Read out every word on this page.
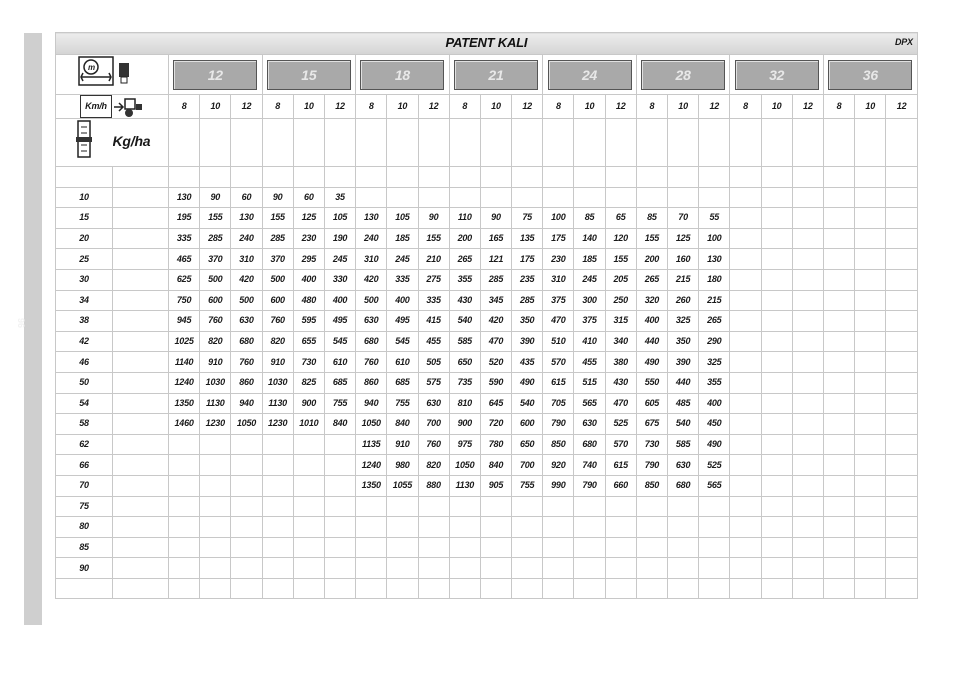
96
PATENT KALI DPX																									

m		12			15			18			21			24			28			32			36		

Km/h		8	10	12	8	10	12	8	10	12	8	10	12	8	10	12	8	10	12	8	10	12	8	10	12
	Kg/ha																								

10		130	90	60	90	60	35																		
15		195	155	130	155	125	105	130	105	90	110	90	75	100	85	65	85	70	55						
20		335	285	240	285	230	190	240	185	155	200	165	135	175	140	120	155	125	100						
25		465	370	310	370	295	245	310	245	210	265	121	175	230	185	155	200	160	130						
30		625	500	420	500	400	330	420	335	275	355	285	235	310	245	205	265	215	180						
34		750	600	500	600	480	400	500	400	335	430	345	285	375	300	250	320	260	215						
38		945	760	630	760	595	495	630	495	415	540	420	350	470	375	315	400	325	265						
42		1025	820	680	820	655	545	680	545	455	585	470	390	510	410	340	440	350	290						
46		1140	910	760	910	730	610	760	610	505	650	520	435	570	455	380	490	390	325						
50		1240	1030	860	1030	825	685	860	685	575	735	590	490	615	515	430	550	440	355						
54		1350	1130	940	1130	900	755	940	755	630	810	645	540	705	565	470	605	485	400						
58		1460	1230	1050	1230	1010	840	1050	840	700	900	720	600	790	630	525	675	540	450						
62								1135	910	760	975	780	650	850	680	570	730	585	490						
66								1240	980	820	1050	840	700	920	740	615	790	630	525						
70								1350	1055	880	1130	905	755	990	790	660	850	680	565						
75																									
80																									
85																									
90																									
